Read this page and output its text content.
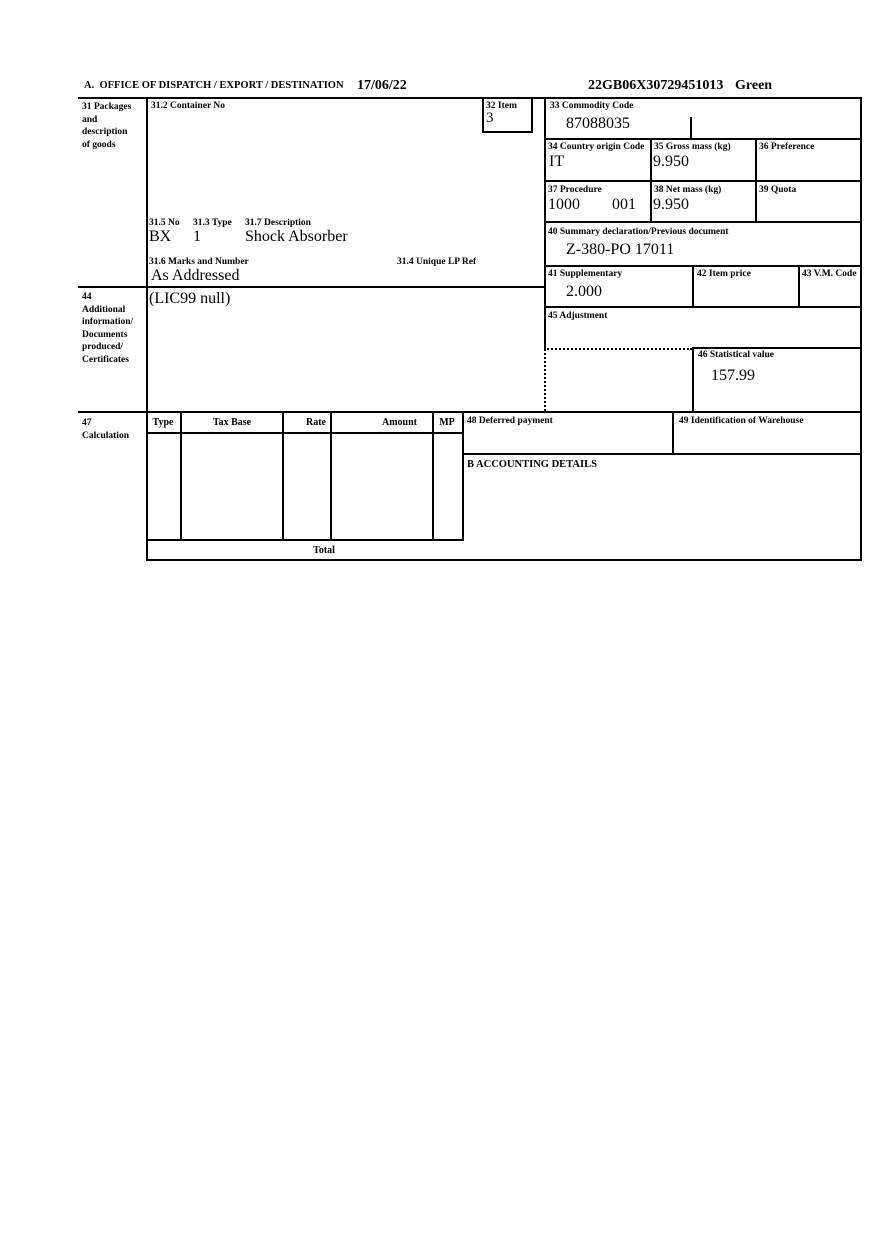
A.  OFFICE OF DISPATCH / EXPORT / DESTINATION 17/06/22	22GB06X30729451013 Green
31 Packages
and
description
of goods
31.2 Container No	32 Item
3
33 Commodity Code
87088035
34 Country origin Code
IT
35 Gross mass (kg)
9.950
36 Preference
37 Procedure
1000 001
38 Net mass (kg)
9.950
39 Quota
31.5 No 31.3 Type 31.7 Description
BX 1	Shock Absorber
31.6 Marks and Number	31.4 Unique LP Ref
As Addressed
40 Summary declaration/Previous document
Z-380-PO 17011
41 Supplementary
2.000
42 Item price	43 V.M. Code
44
Additional
information/
Documents
produced/
Certificates
(LIC99 null)
45 Adjustment
46 Statistical value
157.99
47
Calculation
Type	Tax Base	Rate	Amount	MP
Total
48 Deferred payment	49 Identification of Warehouse
B ACCOUNTING DETAILS
